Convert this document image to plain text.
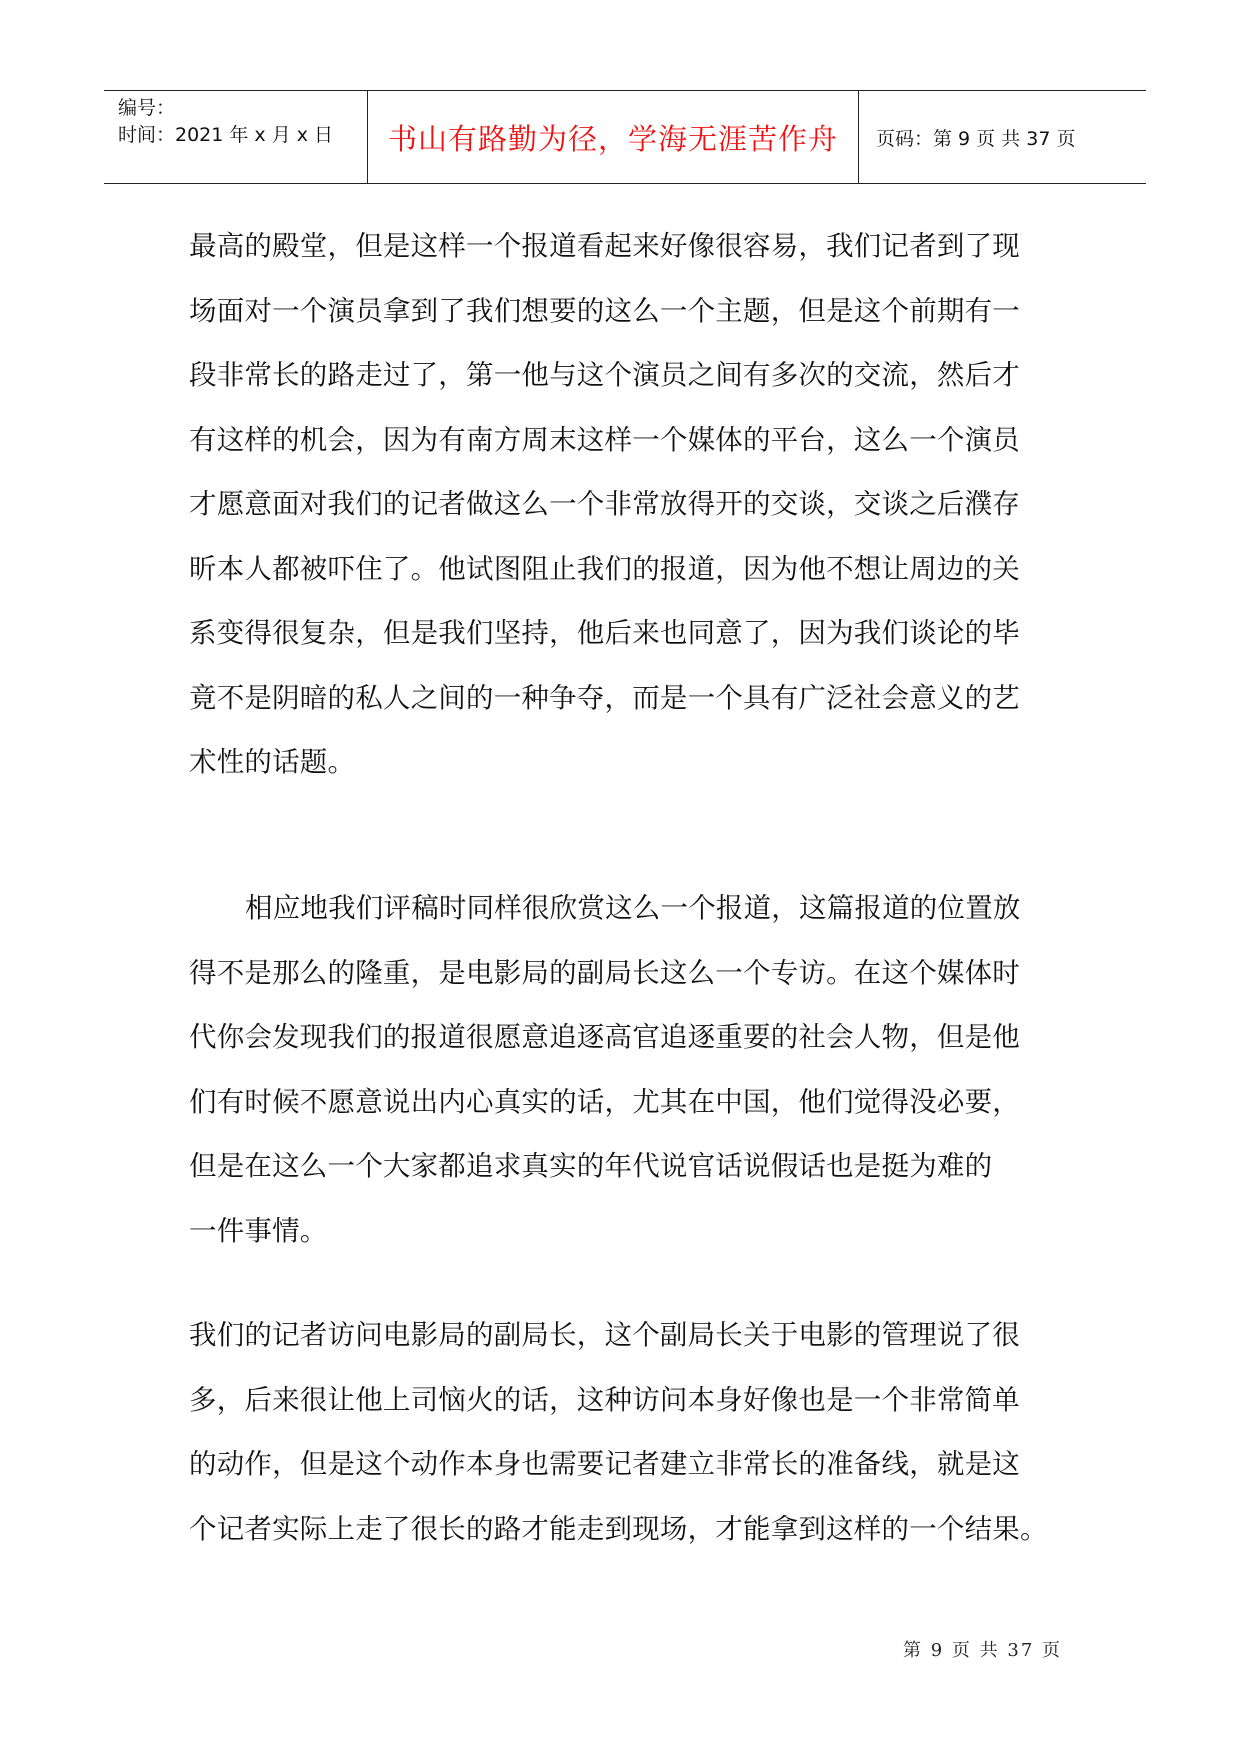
编号：
时间：2021 年 x 月 x 日	书山有路勤为径，学海无涯苦作舟 页码：第 9 页 共 37 页
最高的殿堂，但是这样一个报道看起来好像很容易，我们记者到了现
场面对一个演员拿到了我们想要的这么一个主题，但是这个前期有一
段非常长的路走过了，第一他与这个演员之间有多次的交流，然后才
有这样的机会，因为有南方周末这样一个媒体的平台，这么一个演员
才愿意面对我们的记者做这么一个非常放得开的交谈，交谈之后濮存
昕本人都被吓住了。他试图阻止我们的报道，因为他不想让周边的关
系变得很复杂，但是我们坚持，他后来也同意了，因为我们谈论的毕
竟不是阴暗的私人之间的一种争夺，而是一个具有广泛社会意义的艺
术性的话题。
相应地我们评稿时同样很欣赏这么一个报道，这篇报道的位置放
得不是那么的隆重，是电影局的副局长这么一个专访。在这个媒体时
代你会发现我们的报道很愿意追逐高官追逐重要的社会人物，但是他
们有时候不愿意说出内心真实的话，尤其在中国，他们觉得没必要，
但是在这么一个大家都追求真实的年代说官话说假话也是挺为难的
一件事情。
我们的记者访问电影局的副局长，这个副局长关于电影的管理说了很
多，后来很让他上司恼火的话，这种访问本身好像也是一个非常简单
的动作，但是这个动作本身也需要记者建立非常长的准备线，就是这
个记者实际上走了很长的路才能走到现场，才能拿到这样的一个结果。
第 9 页 共 37 页
